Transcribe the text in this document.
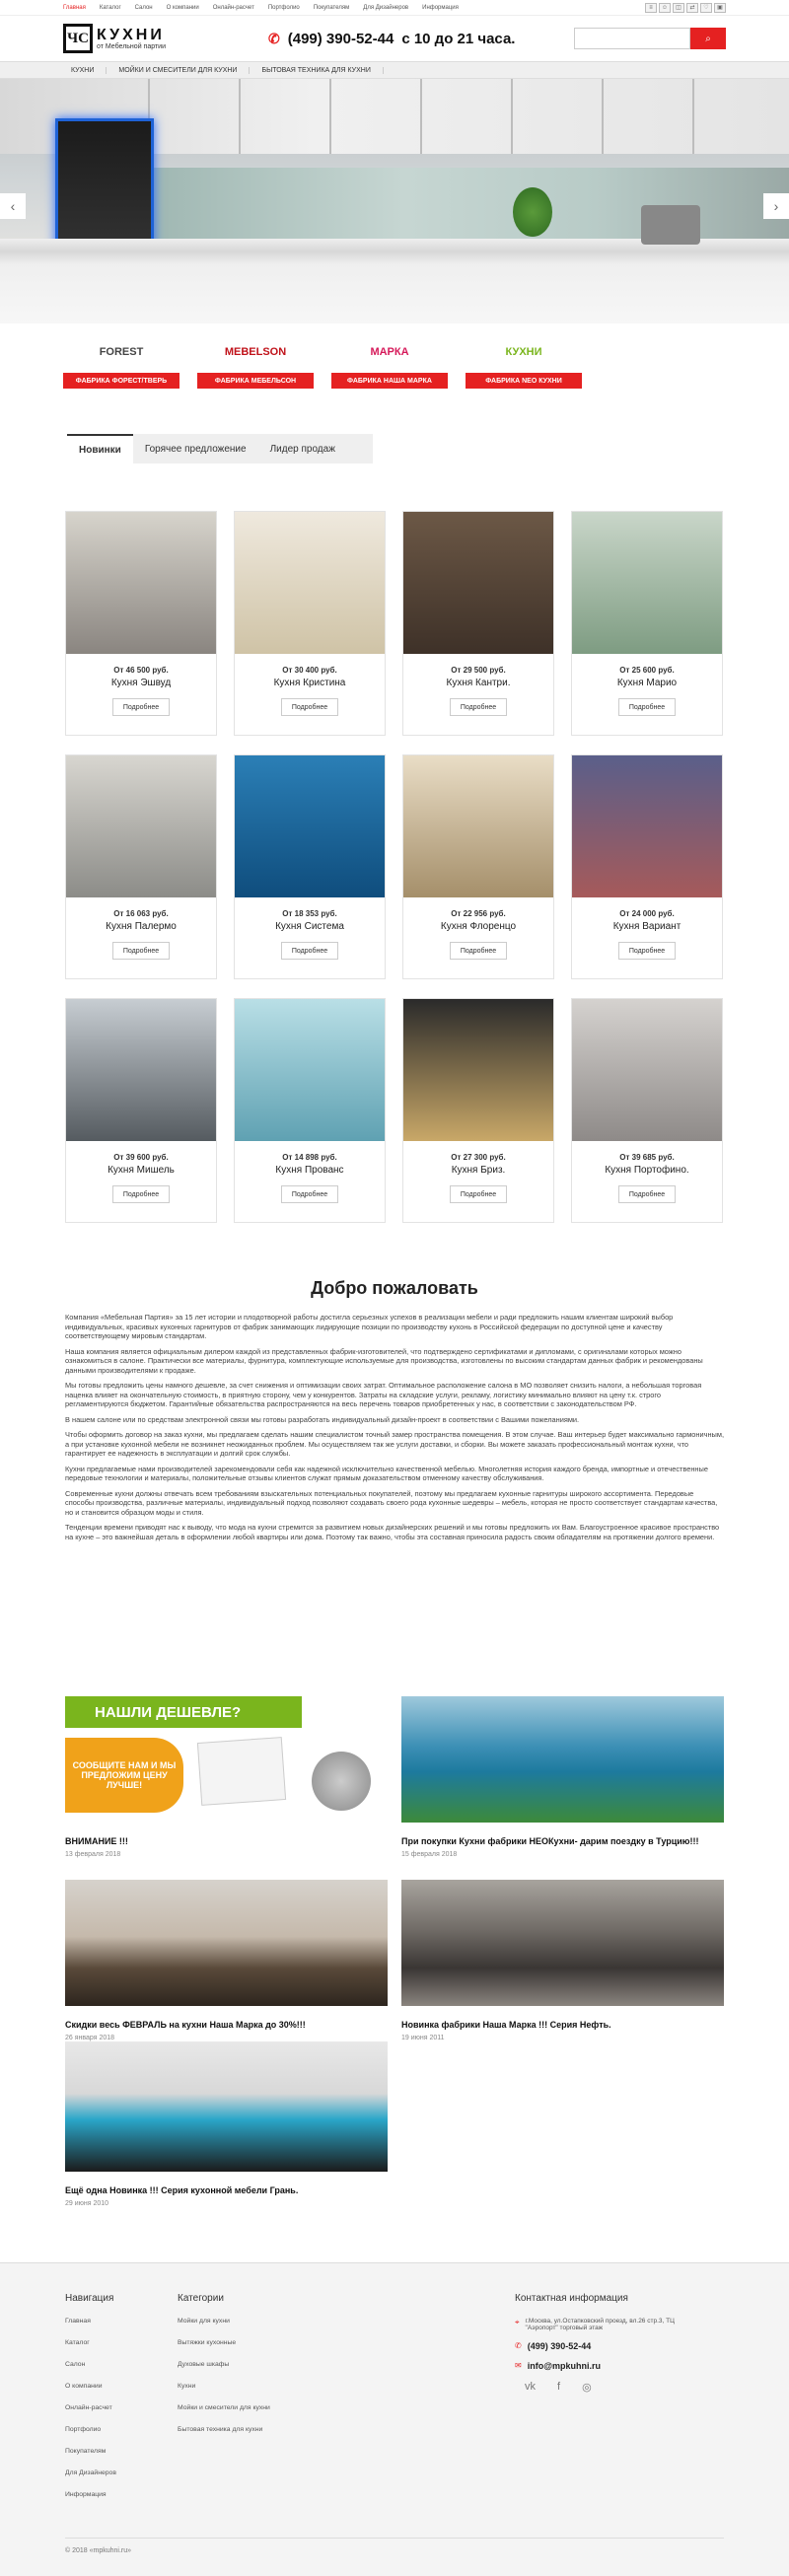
Главная Каталог Салон О компании Онлайн-расчет Портфолио Покупателям Для Дизайнеров Информация	≡	☺	◫	⇄	♡	▣
ЧС КУХНИ
от Мебельной партии
✆ (499) 390-52-44 с 10 до 21 часа.	⌕
КУХНИ	МОЙКИ И СМЕСИТЕЛИ ДЛЯ КУХНИ	БЫТОВАЯ ТЕХНИКА ДЛЯ КУХНИ
‹	›
FOREST
ФАБРИКА ФОРЕСТ/ТВЕРЬ
MEBELSON
ФАБРИКА МЕБЕЛЬСОН
МАРКА
ФАБРИКА НАША МАРКА
КУХНИ
ФАБРИКА NEO КУХНИ
Новинки	Горячее предложение	Лидер продаж
От 46 500 руб.
Кухня Эшвуд
Подробнее
От 30 400 руб.
Кухня Кристина
Подробнее
От 29 500 руб.
Кухня Кантри.
Подробнее
От 25 600 руб.
Кухня Марио
Подробнее
От 16 063 руб.
Кухня Палермо
Подробнее
От 18 353 руб.
Кухня Система
Подробнее
От 22 956 руб.
Кухня Флоренцо
Подробнее
От 24 000 руб.
Кухня Вариант
Подробнее
От 39 600 руб.
Кухня Мишель
Подробнее
От 14 898 руб.
Кухня Прованс
Подробнее
От 27 300 руб.
Кухня Бриз.
Подробнее
От 39 685 руб.
Кухня Портофино.
Подробнее
Добро пожаловать

Компания «Мебельная Партия» за 15 лет истории и плодотворной работы достигла серьезных успехов в реализации мебели и ради предложить нашим клиентам широкий выбор индивидуальных, красивых кухонных гарнитуров от фабрик занимающих лидирующие позиции по производству кухонь в Российской федерации по доступной цене и качеству соответствующему мировым стандартам.

Наша компания является официальным дилером каждой из представленных фабрик-изготовителей, что подтверждено сертификатами и дипломами, с оригиналами которых можно ознакомиться в салоне. Практически все материалы, фурнитура, комплектующие используемые для производства, изготовлены по высоким стандартам данных фабрик и рекомендованы данными производителями к продаже.

Мы готовы предложить цены намного дешевле, за счет снижения и оптимизации своих затрат. Оптимальное расположение салона в МО позволяет снизить налоги, а небольшая торговая наценка влияет на окончательную стоимость, в приятную сторону, чем у конкурентов. Затраты на складские услуги, рекламу, логистику минимально влияют на цену т.к. строго регламентируются бюджетом. Гарантийные обязательства распространяются на весь перечень товаров приобретенных у нас, в соответствии с законодательством РФ.

В нашем салоне или по средствам электронной связи мы готовы разработать индивидуальный дизайн-проект в соответствии с Вашими пожеланиями.

Чтобы оформить договор на заказ кухни, мы предлагаем сделать нашим специалистом точный замер пространства помещения. В этом случае. Ваш интерьер будет максимально гармоничным, а при установке кухонной мебели не возникнет неожиданных проблем. Мы осуществляем так же услуги доставки, и сборки. Вы можете заказать профессиональный монтаж кухни, что гарантирует ее надежность в эксплуатации и долгий срок службы.

Кухни предлагаемые нами производителей зарекомендовали себя как надежной исключительно качественной мебелью. Многолетняя история каждого бренда, импортные и отечественные передовые технологии и материалы, положительные отзывы клиентов служат прямым доказательством отменному качеству обслуживания.

Современные кухни должны отвечать всем требованиям взыскательных потенциальных покупателей, поэтому мы предлагаем кухонные гарнитуры широкого ассортимента. Передовые способы производства, различные материалы, индивидуальный подход позволяют создавать своего рода кухонные шедевры – мебель, которая не просто соответствует стандартам качества, но и становится образцом моды и стиля.

Тенденции времени приводят нас к выводу, что мода на кухни стремится за развитием новых дизайнерских решений и мы готовы предложить их Вам. Благоустроенное красивое пространство на кухне – это важнейшая деталь в оформлении любой квартиры или дома. Поэтому так важно, чтобы эта составная приносила радость своим обладателям на протяжении долгого времени.

НАШЛИ ДЕШЕВЛЕ?
СООБЩИТЕ НАМ И МЫ ПРЕДЛОЖИМ ЦЕНУ ЛУЧШЕ!
ВНИМАНИЕ !!!
13 февраля 2018
При покупки Кухни фабрики НЕОКухни- дарим поездку в Турцию!!!
15 февраля 2018
Скидки весь ФЕВРАЛЬ на кухни Наша Марка до 30%!!!
26 января 2018
Новинка фабрики Наша Марка !!! Серия Нефть.
19 июня 2011
Ещё одна Новинка !!! Серия кухонной мебели Грань.
29 июня 2010
Навигация
Главная
Каталог
Салон
О компании
Онлайн-расчет
Портфолио
Покупателям
Для Дизайнеров
Информация
Категории
Мойки для кухни
Вытяжки кухонные
Духовые шкафы
Кухни
Мойки и смесители для кухни
Бытовая техника для кухни
Контактная информация
⌖ г.Москва, ул.Остапковский проезд, вл.26 стр.3, ТЦ "Аэропорт" торговый этаж
✆ (499) 390-52-44
✉ info@mpkuhni.ru
vk f ◎
© 2018 «mpkuhni.ru»
